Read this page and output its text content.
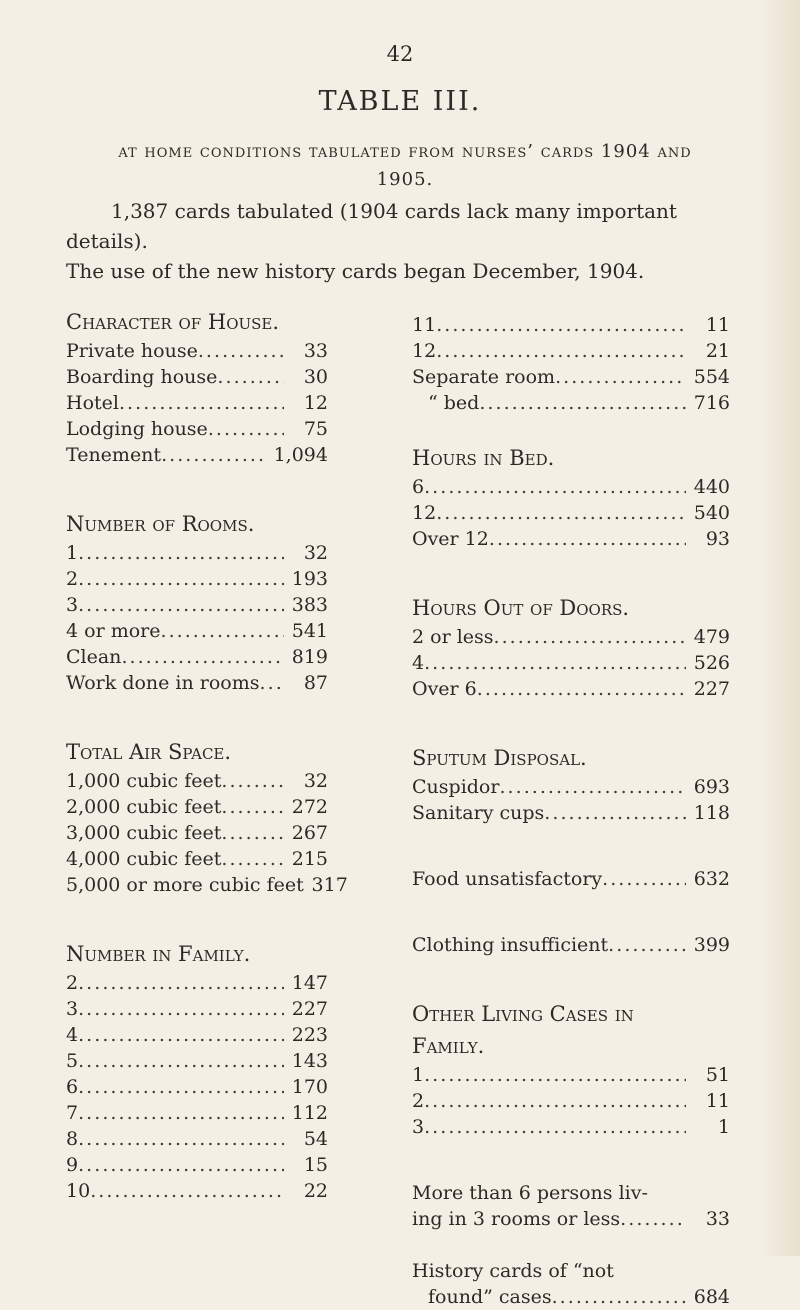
42
TABLE III.
at home conditions tabulated from nurses’ cards 1904 and
1905.

1,387 cards tabulated (1904 cards lack many important details).

The use of the new history cards began December, 1904.

Character of House.
Private house . . .	33
Boarding house . . .	30
Hotel . . .	12
Lodging house . . .	75
Tenement . . .	1,094
Number of Rooms.
1 . . .	32
2 . . .	193
3 . . .	383
4 or more . . .	541
Clean . . .	819
Work done in rooms . . .	87
Total Air Space.
1,000 cubic feet . . .	32
2,000 cubic feet . . .	272
3,000 cubic feet . . .	267
4,000 cubic feet . . .	215
5,000 or more cubic feet 317
Number in Family.
2 . . .	147
3 . . .	227
4 . . .	223
5 . . .	143
6 . . .	170
7 . . .	112
8 . . .	54
9 . . .	15
10 . . .	22
11 . . .	11
12 . . .	21
Separate room . . .	554
“ bed . . .	716
Hours in Bed.
6 . . .	440
12 . . .	540
Over 12 . . .	93
Hours Out of Doors.
2 or less . . .	479
4 . . .	526
Over 6 . . .	227
Sputum Disposal.
Cuspidor . . .	693
Sanitary cups . . .	118
Food unsatisfactory . . .	632
Clothing insufficient . . .	399
Other Living Cases in
Family.
1 . . .	51
2 . . .	11
3 . . .	1
More than 6 persons liv-
ing in 3 rooms or less . . .	33
History cards of “not
found” cases . . .	684
